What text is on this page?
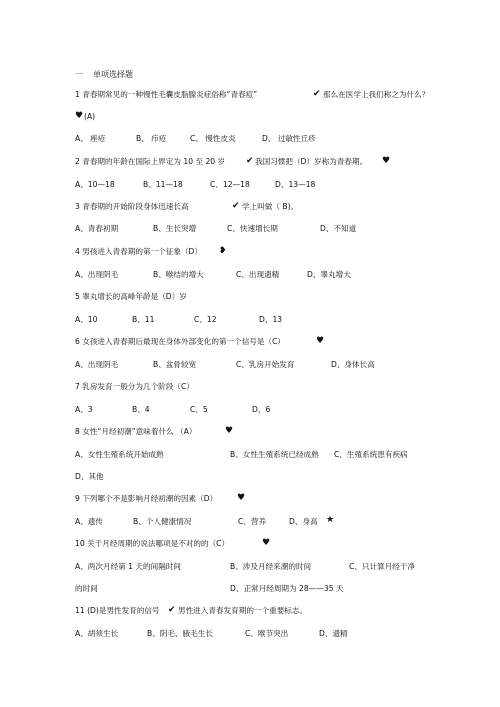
一 单项选择题
1 青春期常见的一种慢性毛囊皮脂腺炎症俗称“青春痘”	✔ 那么在医学上我们称之为什么？
♥ (A)
A、 痤疮	B、 疖疮	C、 慢性皮炎	D、 过敏性丘疹
2 青春期的年龄在国际上界定为 10 至 20 岁 ✔ 我国习惯把（D）岁称为青春期。 ♥
A、10—18	B、11—18	C、12—18	D、13—18
3 青春期的开始阶段身体迅速长高	✔ 学上叫做（ B)。
A、青春初期	B、生长突增	C、快速增长期	D、不知道
4 男孩进入青春期的第一个征象（D） ❥
A、出现阴毛	B、喉结的增大	C、出现遗精	D、睾丸增大
5 睾丸增长的高峰年龄是（D）岁
A、10	B、11	C、12	D、13
6 女孩进入青春期后最现在身体外部变化的第一个信号是（C）	♥
A、出现阴毛	B、盆骨较宽	C、乳房开始发育	D、身体长高
7 乳房发育一般分为几个阶段（C）
A、3	B、4	C、5	D、6
8 女性“月经初潮”意味着什么 （A）	♥
A、女性生殖系统开始成熟	B、女性生殖系统已经成熟 C、生殖系统患有疾病
D、其他
9 下列哪个不是影响月经初潮的因素（D） ♥
A、遗传	B、个人健康情况	C、营养	D、身高 ★
10 关于月经周期的说法哪项是不对的的（C）	♥
A、两次月经第 1 天的间隔时间	B、涉及月经来潮的时间	C、只计算月经干净
的时间	D、正常月经周期为 28——35 天
11 (D)是男性发育的信号 ✔ 男性进入青春发育期的一个重要标志。
A、胡须生长	B、阴毛、腋毛生长	C、喉节突出	D、遗精
